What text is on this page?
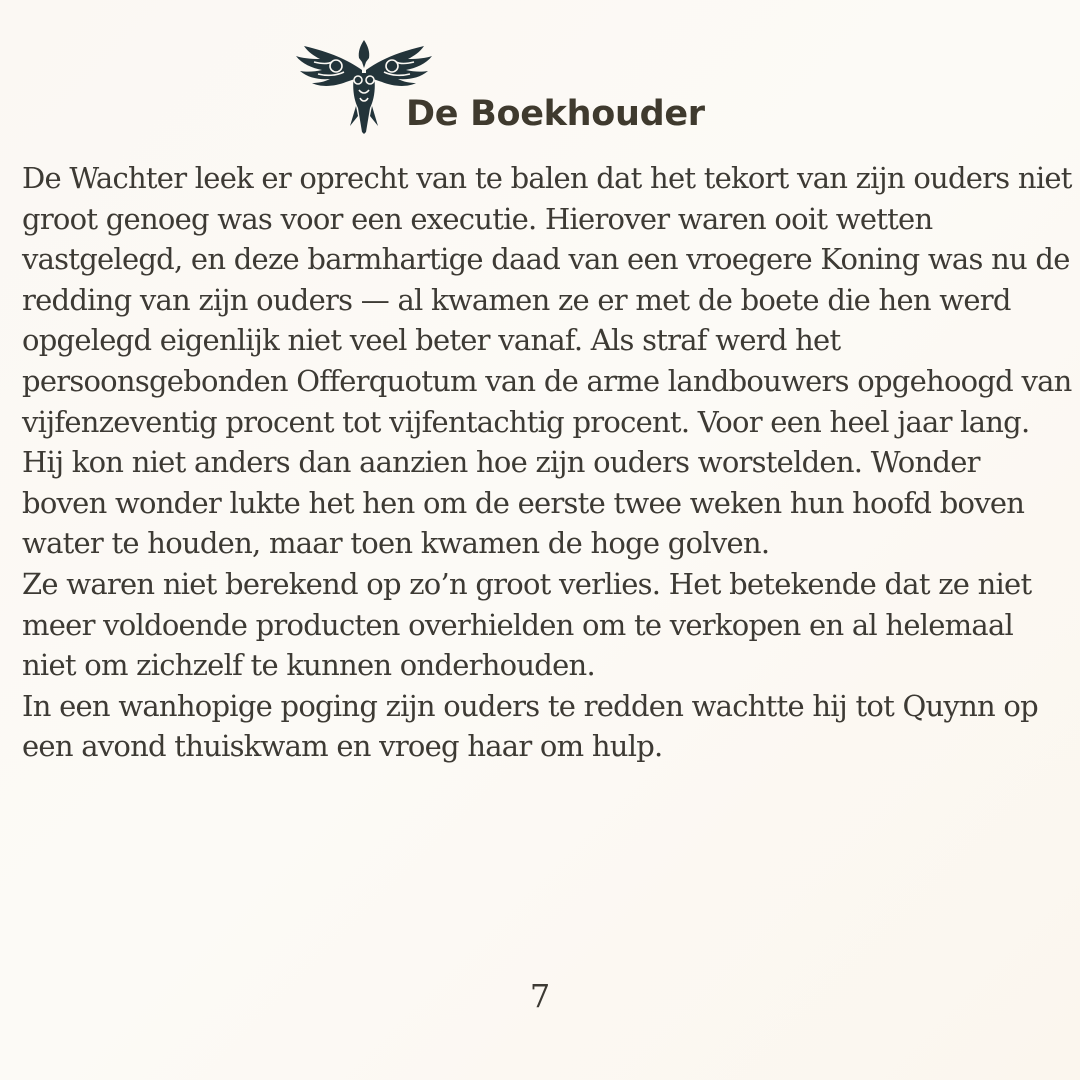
De Boekhouder

De Wachter leek er oprecht van te balen dat het tekort van zijn ouders niet groot genoeg was voor een executie. Hierover waren ooit wetten vastgelegd, en deze barmhartige daad van een vroegere Koning was nu de redding van zijn ouders — al kwamen ze er met de boete die hen werd opgelegd eigenlijk niet veel beter vanaf. Als straf werd het persoonsgebonden Offerquotum van de arme landbouwers opgehoogd van vijfenzeventig procent tot vijfentachtig procent. Voor een heel jaar lang.

Hij kon niet anders dan aanzien hoe zijn ouders worstelden. Wonder boven wonder lukte het hen om de eerste twee weken hun hoofd boven water te houden, maar toen kwamen de hoge golven.

Ze waren niet berekend op zo’n groot verlies. Het betekende dat ze niet meer voldoende producten overhielden om te verkopen en al helemaal niet om zichzelf te kunnen onderhouden.

In een wanhopige poging zijn ouders te redden wachtte hij tot Quynn op een avond thuiskwam en vroeg haar om hulp.

7
